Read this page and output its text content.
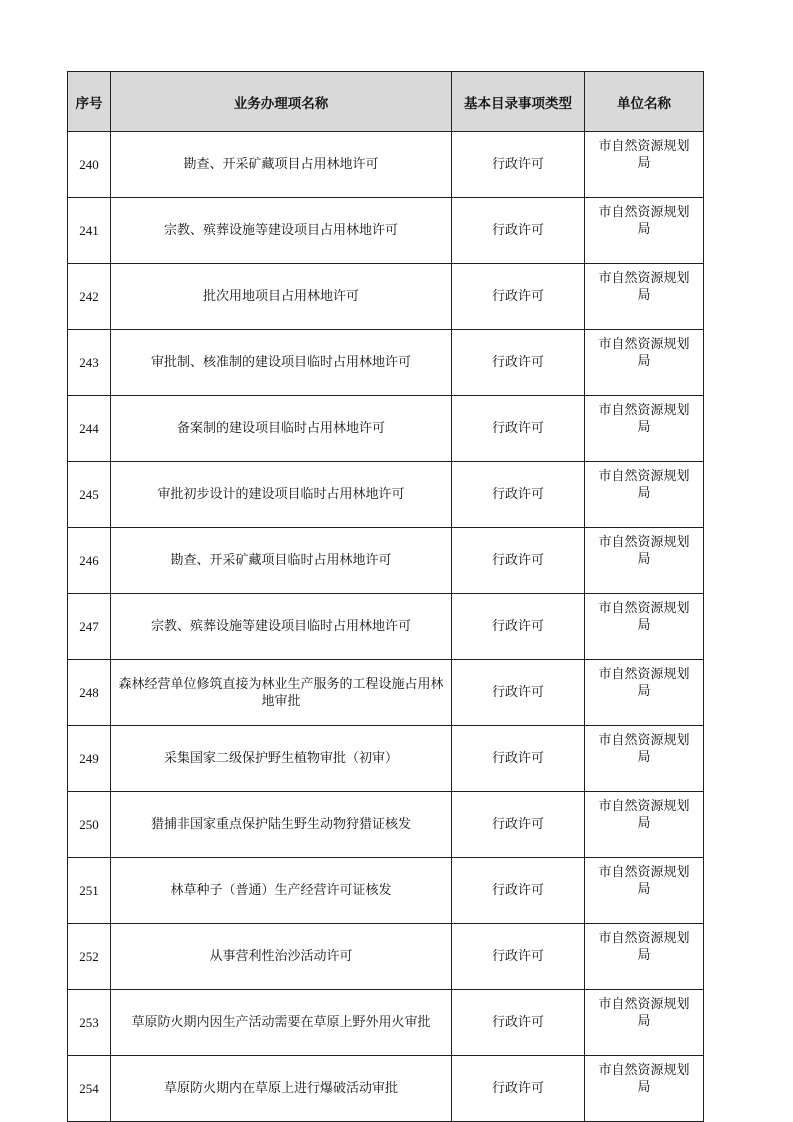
序号	业务办理项名称	基本目录事项类型	单位名称
240	勘查、开采矿藏项目占用林地许可	行政许可	市自然资源规划局
241	宗教、殡葬设施等建设项目占用林地许可	行政许可	市自然资源规划局
242	批次用地项目占用林地许可	行政许可	市自然资源规划局
243	审批制、核准制的建设项目临时占用林地许可	行政许可	市自然资源规划局
244	备案制的建设项目临时占用林地许可	行政许可	市自然资源规划局
245	审批初步设计的建设项目临时占用林地许可	行政许可	市自然资源规划局
246	勘查、开采矿藏项目临时占用林地许可	行政许可	市自然资源规划局
247	宗教、殡葬设施等建设项目临时占用林地许可	行政许可	市自然资源规划局
248	森林经营单位修筑直接为林业生产服务的工程设施占用林地审批	行政许可	市自然资源规划局
249	采集国家二级保护野生植物审批（初审）	行政许可	市自然资源规划局
250	猎捕非国家重点保护陆生野生动物狩猎证核发	行政许可	市自然资源规划局
251	林草种子（普通）生产经营许可证核发	行政许可	市自然资源规划局
252	从事营利性治沙活动许可	行政许可	市自然资源规划局
253	草原防火期内因生产活动需要在草原上野外用火审批	行政许可	市自然资源规划局
254	草原防火期内在草原上进行爆破活动审批	行政许可	市自然资源规划局
